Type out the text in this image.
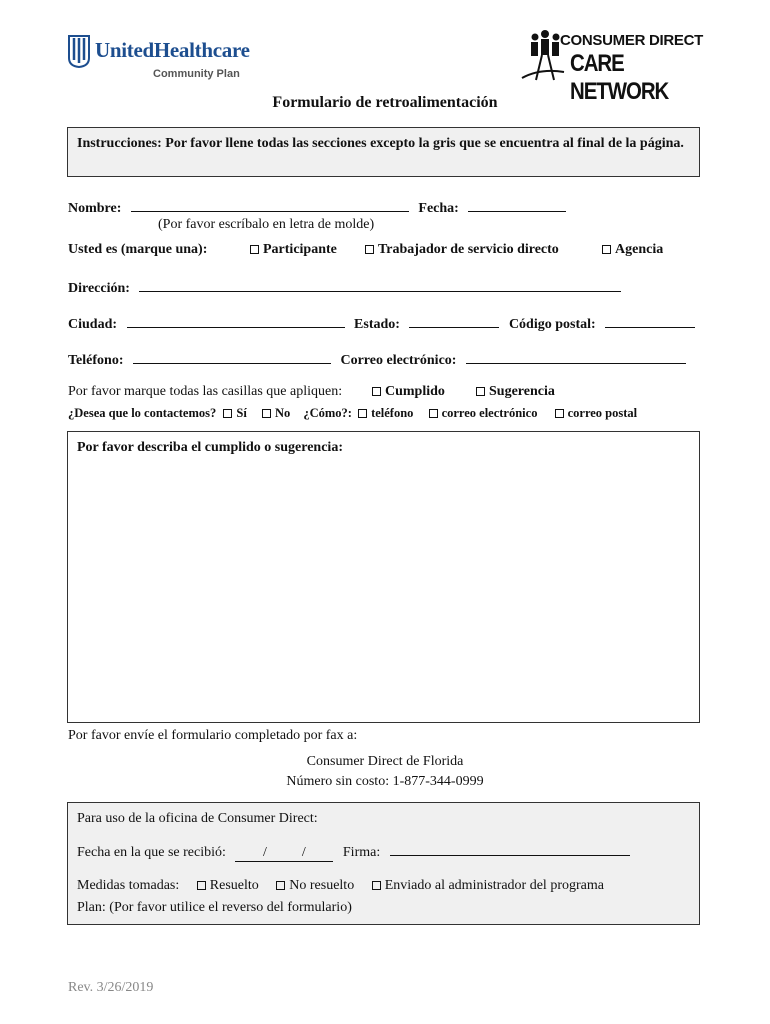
UnitedHealthcare
Community Plan
CONSUMER DIRECT
CARE NETWORK
Formulario de retroalimentación
Instrucciones: Por favor llene todas las secciones excepto la gris que se encuentra al final de la página.
Nombre:	Fecha:
(Por favor escríbalo en letra de molde)
Usted es (marque una):	Participante	Trabajador de servicio directo	Agencia
Dirección:
Ciudad:	Estado:	Código postal:
Teléfono:	Correo electrónico:
Por favor marque todas las casillas que apliquen:	Cumplido	Sugerencia
¿Desea que lo contactemos? Sí No ¿Cómo?: teléfono correo electrónico correo postal
Por favor describa el cumplido o sugerencia:
Por favor envíe el formulario completado por fax a:
Consumer Direct de Florida
Número sin costo: 1-877-344-0999
Para uso de la oficina de Consumer Direct:
Fecha en la que se recibió:	/          /	Firma:
Medidas tomadas: Resuelto No resuelto Enviado al administrador del programa
Plan: (Por favor utilice el reverso del formulario)
Rev. 3/26/2019
